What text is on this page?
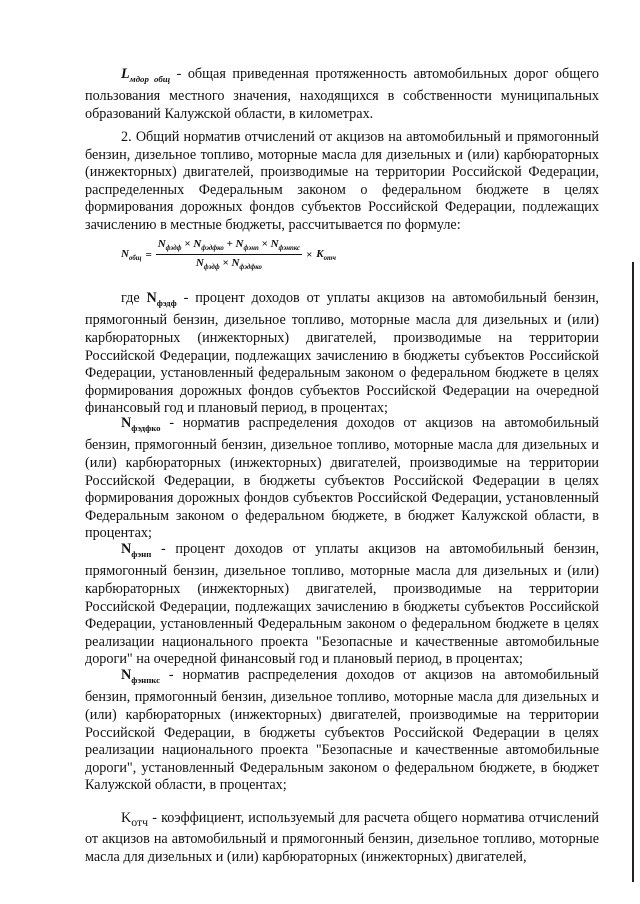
$L_{мдор общ}$ - общая приведенная протяженность автомобильных дорог общего пользования местного значения, находящихся в собственности муниципальных образований Калужской области, в километрах.

2. Общий норматив отчислений от акцизов на автомобильный и прямогонный бензин, дизельное топливо, моторные масла для дизельных и (или) карбюраторных (инжекторных) двигателей, производимые на территории Российской Федерации, распределенных Федеральным законом о федеральном бюджете в целях формирования дорожных фондов субъектов Российской Федерации, подлежащих зачислению в местные бюджеты, рассчитывается по формуле:

$N_{общ} = \frac{N_{фэдф} \times N_{фэдфко} + N_{фэнп} \times N_{фэнпкс}}{N_{фэдф} \times N_{фэдфко}} \times K_{отч}$

где $N_{фэдф}$ - процент доходов от уплаты акцизов на автомобильный бензин, прямогонный бензин, дизельное топливо, моторные масла для дизельных и (или) карбюраторных (инжекторных) двигателей, производимые на территории Российской Федерации, подлежащих зачислению в бюджеты субъектов Российской Федерации, установленный федеральным законом о федеральном бюджете в целях формирования дорожных фондов субъектов Российской Федерации на очередной финансовый год и плановый период, в процентах;

$N_{фэдфко}$ - норматив распределения доходов от акцизов на автомобильный бензин, прямогонный бензин, дизельное топливо, моторные масла для дизельных и (или) карбюраторных (инжекторных) двигателей, производимые на территории Российской Федерации, в бюджеты субъектов Российской Федерации в целях формирования дорожных фондов субъектов Российской Федерации, установленный Федеральным законом о федеральном бюджете, в бюджет Калужской области, в процентах;

$N_{фэнп}$ - процент доходов от уплаты акцизов на автомобильный бензин, прямогонный бензин, дизельное топливо, моторные масла для дизельных и (или) карбюраторных (инжекторных) двигателей, производимые на территории Российской Федерации, подлежащих зачислению в бюджеты субъектов Российской Федерации, установленный Федеральным законом о федеральном бюджете в целях реализации национального проекта "Безопасные и качественные автомобильные дороги" на очередной финансовый год и плановый период, в процентах;

$N_{фэнпкс}$ - норматив распределения доходов от акцизов на автомобильный бензин, прямогонный бензин, дизельное топливо, моторные масла для дизельных и (или) карбюраторных (инжекторных) двигателей, производимые на территории Российской Федерации, в бюджеты субъектов Российской Федерации в целях реализации национального проекта "Безопасные и качественные автомобильные дороги", установленный Федеральным законом о федеральном бюджете, в бюджет Калужской области, в процентах;

$K_{отч}$ - коэффициент, используемый для расчета общего норматива отчислений от акцизов на автомобильный и прямогонный бензин, дизельное топливо, моторные масла для дизельных и (или) карбюраторных (инжекторных) двигателей,
